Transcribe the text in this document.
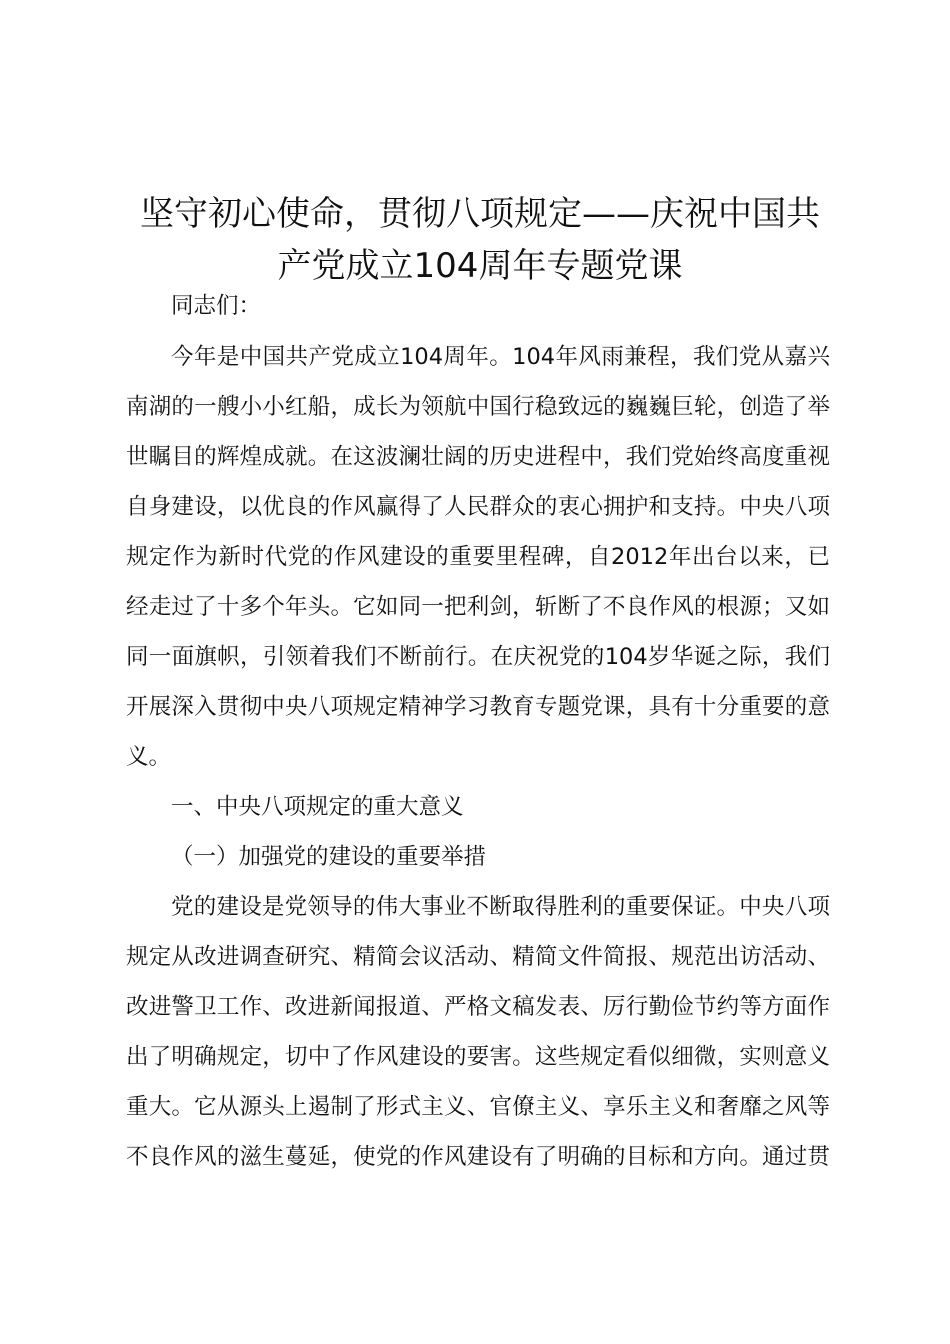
坚守初心使命，贯彻八项规定——庆祝中国共
产党成立104周年专题党课

同志们：

今年是中国共产党成立104周年。104年风雨兼程，我们党从嘉兴

南湖的一艘小小红船，成长为领航中国行稳致远的巍巍巨轮，创造了举

世瞩目的辉煌成就。在这波澜壮阔的历史进程中，我们党始终高度重视

自身建设，以优良的作风赢得了人民群众的衷心拥护和支持。中央八项

规定作为新时代党的作风建设的重要里程碑，自2012年出台以来，已

经走过了十多个年头。它如同一把利剑，斩断了不良作风的根源；又如

同一面旗帜，引领着我们不断前行。在庆祝党的104岁华诞之际，我们

开展深入贯彻中央八项规定精神学习教育专题党课，具有十分重要的意

义。

一、中央八项规定的重大意义

（一）加强党的建设的重要举措

党的建设是党领导的伟大事业不断取得胜利的重要保证。中央八项

规定从改进调查研究、精简会议活动、精简文件简报、规范出访活动、

改进警卫工作、改进新闻报道、严格文稿发表、厉行勤俭节约等方面作

出了明确规定，切中了作风建设的要害。这些规定看似细微，实则意义

重大。它从源头上遏制了形式主义、官僚主义、享乐主义和奢靡之风等

不良作风的滋生蔓延，使党的作风建设有了明确的目标和方向。通过贯
